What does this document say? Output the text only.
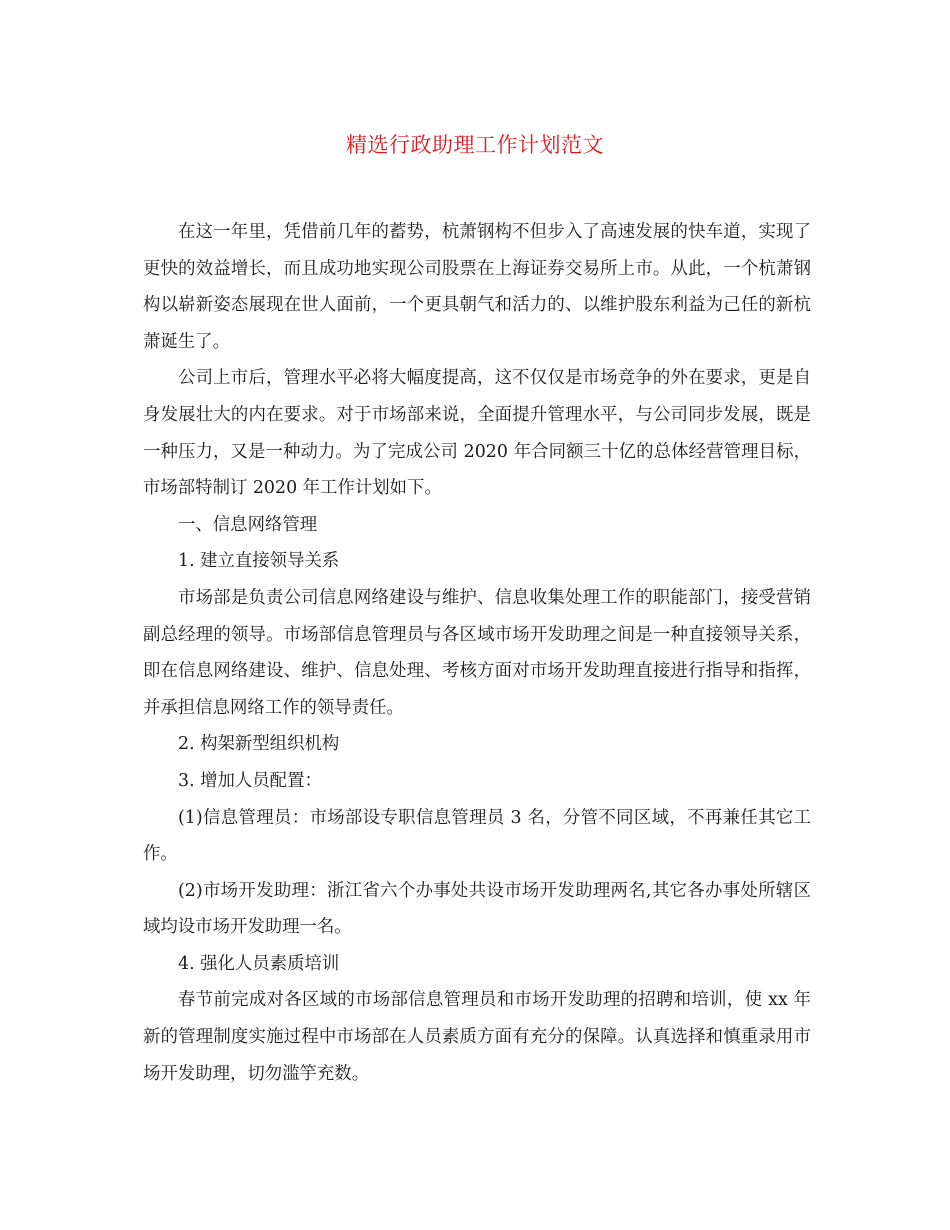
精选行政助理工作计划范文

在这一年里，凭借前几年的蓄势，杭萧钢构不但步入了高速发展的快车道，实现了更快的效益增长，而且成功地实现公司股票在上海证券交易所上市。从此，一个杭萧钢构以崭新姿态展现在世人面前，一个更具朝气和活力的、以维护股东利益为己任的新杭萧诞生了。

公司上市后，管理水平必将大幅度提高，这不仅仅是市场竞争的外在要求，更是自身发展壮大的内在要求。对于市场部来说，全面提升管理水平，与公司同步发展，既是一种压力，又是一种动力。为了完成公司 2020 年合同额三十亿的总体经营管理目标，市场部特制订 2020 年工作计划如下。

一、信息网络管理

1. 建立直接领导关系

市场部是负责公司信息网络建设与维护、信息收集处理工作的职能部门，接受营销副总经理的领导。市场部信息管理员与各区域市场开发助理之间是一种直接领导关系，即在信息网络建设、维护、信息处理、考核方面对市场开发助理直接进行指导和指挥，并承担信息网络工作的领导责任。

2. 构架新型组织机构

3. 增加人员配置：

(1)信息管理员：市场部设专职信息管理员 3 名，分管不同区域，不再兼任其它工作。

(2)市场开发助理：浙江省六个办事处共设市场开发助理两名,其它各办事处所辖区域均设市场开发助理一名。

4. 强化人员素质培训

春节前完成对各区域的市场部信息管理员和市场开发助理的招聘和培训，使 xx 年新的管理制度实施过程中市场部在人员素质方面有充分的保障。认真选择和慎重录用市场开发助理，切勿滥竽充数。
